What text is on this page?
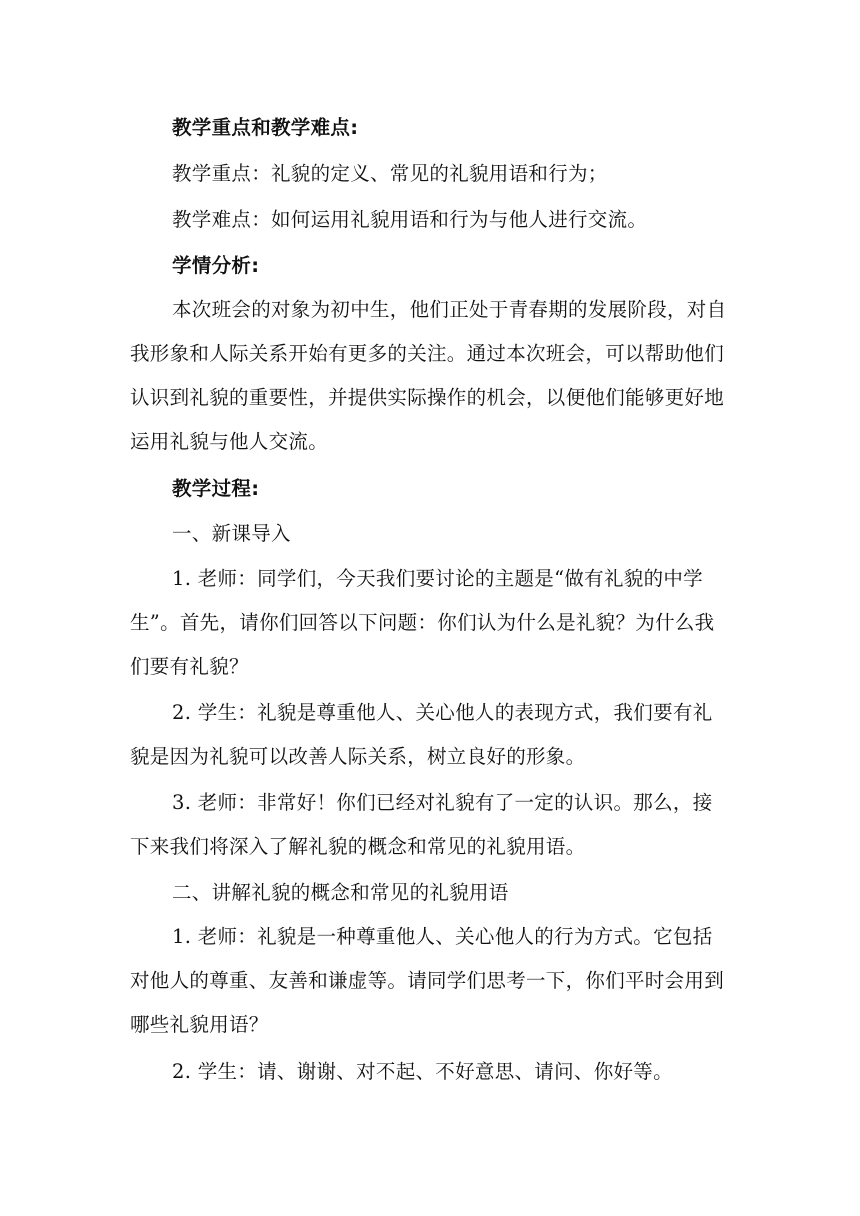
教学重点和教学难点:
教学重点：礼貌的定义、常见的礼貌用语和行为；
教学难点：如何运用礼貌用语和行为与他人进行交流。
学情分析:
本次班会的对象为初中生，他们正处于青春期的发展阶段，对自
我形象和人际关系开始有更多的关注。通过本次班会，可以帮助他们
认识到礼貌的重要性，并提供实际操作的机会，以便他们能够更好地
运用礼貌与他人交流。
教学过程:
一、新课导入
1. 老师：同学们，今天我们要讨论的主题是“做有礼貌的中学
生”。首先，请你们回答以下问题：你们认为什么是礼貌？为什么我
们要有礼貌？
2. 学生：礼貌是尊重他人、关心他人的表现方式，我们要有礼
貌是因为礼貌可以改善人际关系，树立良好的形象。
3. 老师：非常好！你们已经对礼貌有了一定的认识。那么，接
下来我们将深入了解礼貌的概念和常见的礼貌用语。
二、讲解礼貌的概念和常见的礼貌用语
1. 老师：礼貌是一种尊重他人、关心他人的行为方式。它包括
对他人的尊重、友善和谦虚等。请同学们思考一下，你们平时会用到
哪些礼貌用语？
2. 学生：请、谢谢、对不起、不好意思、请问、你好等。
